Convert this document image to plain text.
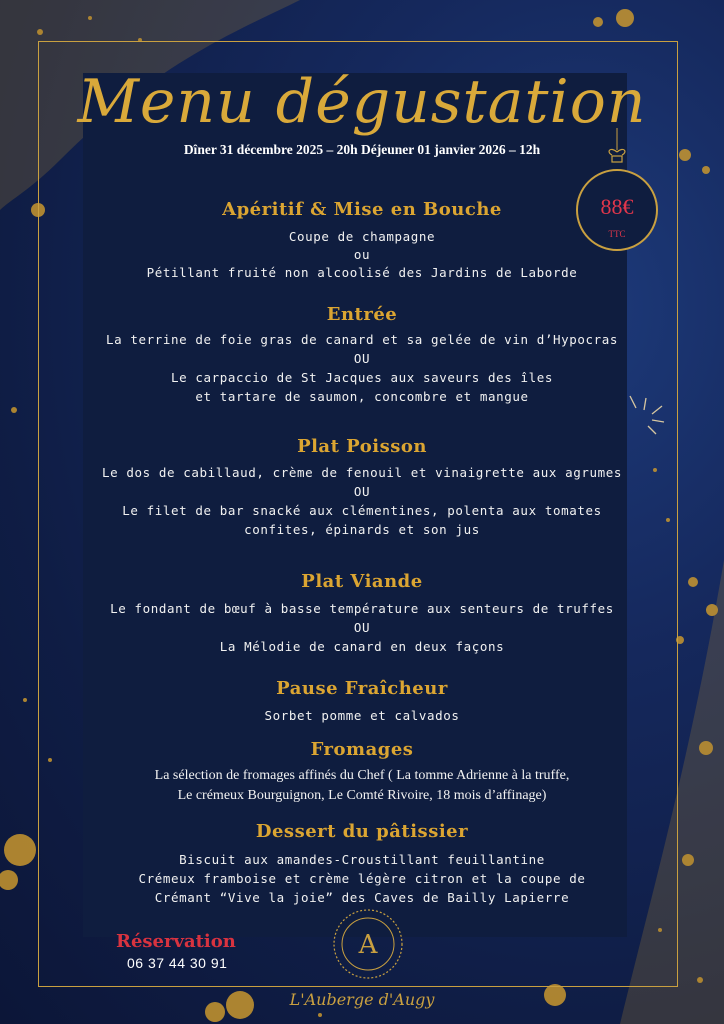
Menu dégustation
Dîner 31 décembre 2025 – 20h Déjeuner 01 janvier 2026 – 12h
88€
TTC
Apéritif & Mise en Bouche
Coupe de champagne
ou
Pétillant fruité non alcoolisé des Jardins de Laborde
Entrée
La terrine de foie gras de canard et sa gelée de vin d’Hypocras
OU
Le carpaccio de St Jacques aux saveurs des îles
et tartare de saumon, concombre et mangue
Plat Poisson
Le dos de cabillaud, crème de fenouil et vinaigrette aux agrumes
OU
Le filet de bar snacké aux clémentines, polenta aux tomates
confites, épinards et son jus
Plat Viande
Le fondant de bœuf à basse température aux senteurs de truffes
OU
La Mélodie de canard en deux façons
Pause Fraîcheur
Sorbet pomme et calvados
Fromages
La sélection de fromages affinés du Chef ( La tomme Adrienne à la truffe,
Le crémeux Bourguignon, Le Comté Rivoire, 18 mois d’affinage)
Dessert du pâtissier
Biscuit aux amandes-Croustillant feuillantine
Crémeux framboise et crème légère citron et la coupe de
Crémant “Vive la joie” des Caves de Bailly Lapierre
Réservation
06 37 44 30 91
A
L'Auberge d'Augy
